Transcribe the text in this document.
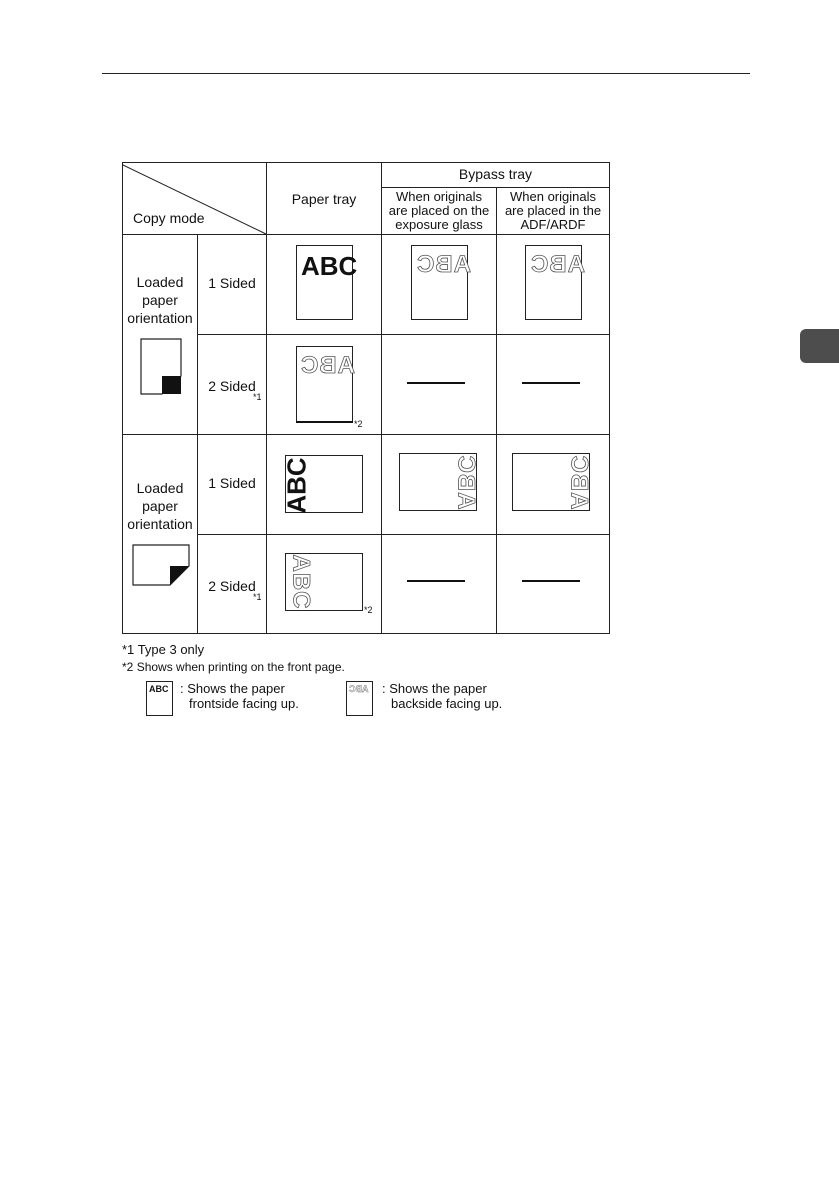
Copy mode
Paper tray
Bypass tray
When originals
are placed on the
exposure glass
When originals
are placed in the
ADF/ARDF
Loaded
paper
orientation
1 Sided
ABC ABC ABC
2 Sided
*1
ABC
*2
Loaded
paper
orientation
1 Sided ABC	ABC	ABC
2 Sided
*1 ABC
*2
*1 Type 3 only
*2 Shows when printing on the front page.
ABC : Shows the paper
frontside facing up.
ABC : Shows the paper
backside facing up.
